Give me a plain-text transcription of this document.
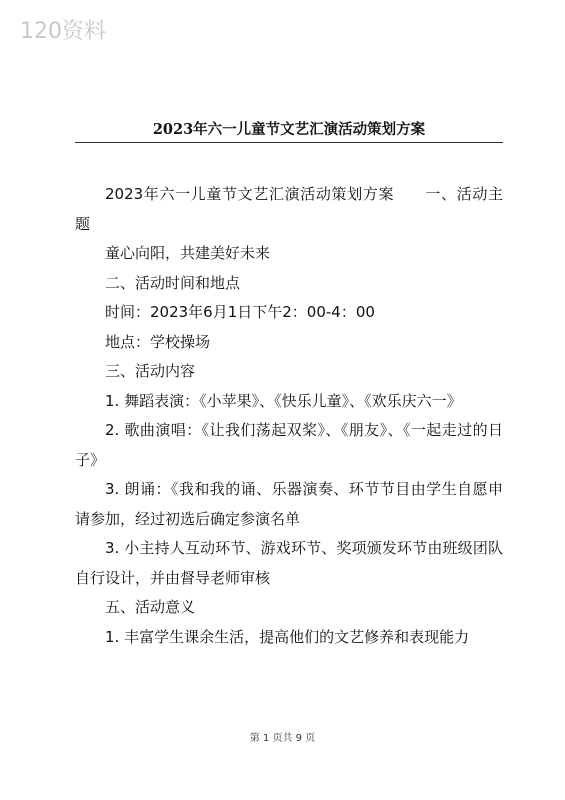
120资料
2023年六一儿童节文艺汇演活动策划方案

2023年六一儿童节文艺汇演活动策划方案　　一、活动主题

童心向阳，共建美好未来

二、活动时间和地点

时间：2023年6月1日下午2：00-4：00

地点：学校操场

三、活动内容

1. 舞蹈表演：《小苹果》、《快乐儿童》、《欢乐庆六一》

2. 歌曲演唱：《让我们荡起双桨》、《朋友》、《一起走过的日子》

3. 朗诵：《我和我的诵、乐器演奏、环节节目由学生自愿申请参加，经过初选后确定参演名单

3. 小主持人互动环节、游戏环节、奖项颁发环节由班级团队自行设计，并由督导老师审核

五、活动意义

1. 丰富学生课余生活，提高他们的文艺修养和表现能力

第 1 页共 9 页
